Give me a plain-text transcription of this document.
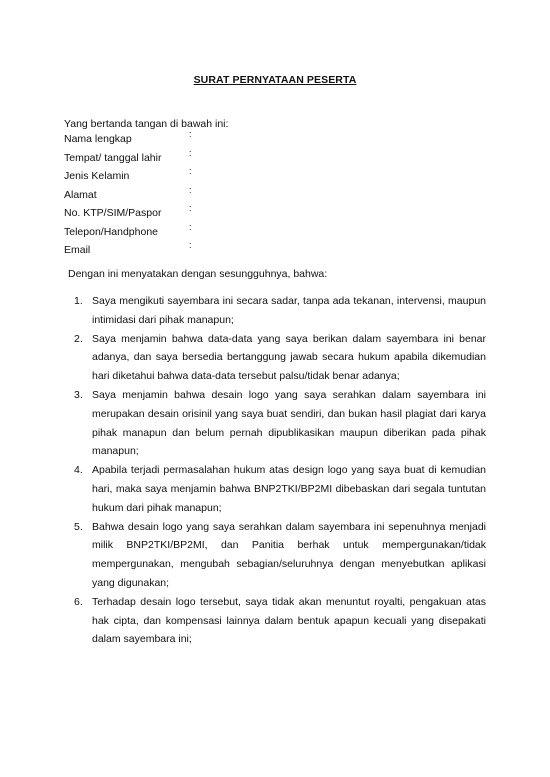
SURAT PERNYATAAN PESERTA
Yang bertanda tangan di bawah ini:
Nama lengkap	:
Tempat/ tanggal lahir	:
Jenis Kelamin	:
Alamat	:
No. KTP/SIM/Paspor	:
Telepon/Handphone	:
Email	:
Dengan ini menyatakan dengan sesungguhnya, bahwa:
1. Saya mengikuti sayembara ini secara sadar, tanpa ada tekanan, intervensi, maupun intimidasi dari pihak manapun;
2. Saya menjamin bahwa data-data yang saya berikan dalam sayembara ini benar adanya, dan saya bersedia bertanggung jawab secara hukum apabila dikemudian hari diketahui bahwa data-data tersebut palsu/tidak benar adanya;
3. Saya menjamin bahwa desain logo yang saya serahkan dalam sayembara ini merupakan desain orisinil yang saya buat sendiri, dan bukan hasil plagiat dari karya pihak manapun dan belum pernah dipublikasikan maupun diberikan pada pihak manapun;
4. Apabila terjadi permasalahan hukum atas design logo yang saya buat di kemudian hari, maka saya menjamin bahwa BNP2TKI/BP2MI dibebaskan dari segala tuntutan hukum dari pihak manapun;
5. Bahwa desain logo yang saya serahkan dalam sayembara ini sepenuhnya menjadi milik BNP2TKI/BP2MI, dan Panitia berhak untuk mempergunakan/tidak mempergunakan, mengubah sebagian/seluruhnya dengan menyebutkan aplikasi yang digunakan;
6. Terhadap desain logo tersebut, saya tidak akan menuntut royalti, pengakuan atas hak cipta, dan kompensasi lainnya dalam bentuk apapun kecuali yang disepakati dalam sayembara ini;
